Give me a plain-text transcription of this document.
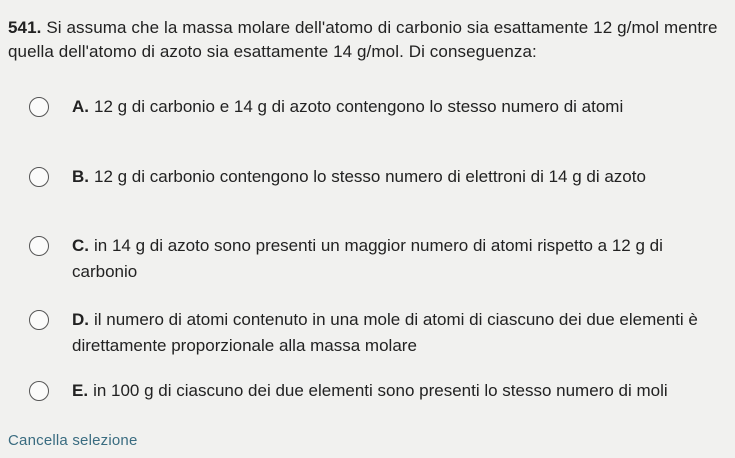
541. Si assuma che la massa molare dell'atomo di carbonio sia esattamente 12 g/mol mentre quella dell'atomo di azoto sia esattamente 14 g/mol. Di conseguenza:
A. 12 g di carbonio e 14 g di azoto contengono lo stesso numero di atomi
B. 12 g di carbonio contengono lo stesso numero di elettroni di 14 g di azoto
C. in 14 g di azoto sono presenti un maggior numero di atomi rispetto a 12 g di carbonio
D. il numero di atomi contenuto in una mole di atomi di ciascuno dei due elementi è direttamente proporzionale alla massa molare
E. in 100 g di ciascuno dei due elementi sono presenti lo stesso numero di moli
Cancella selezione
